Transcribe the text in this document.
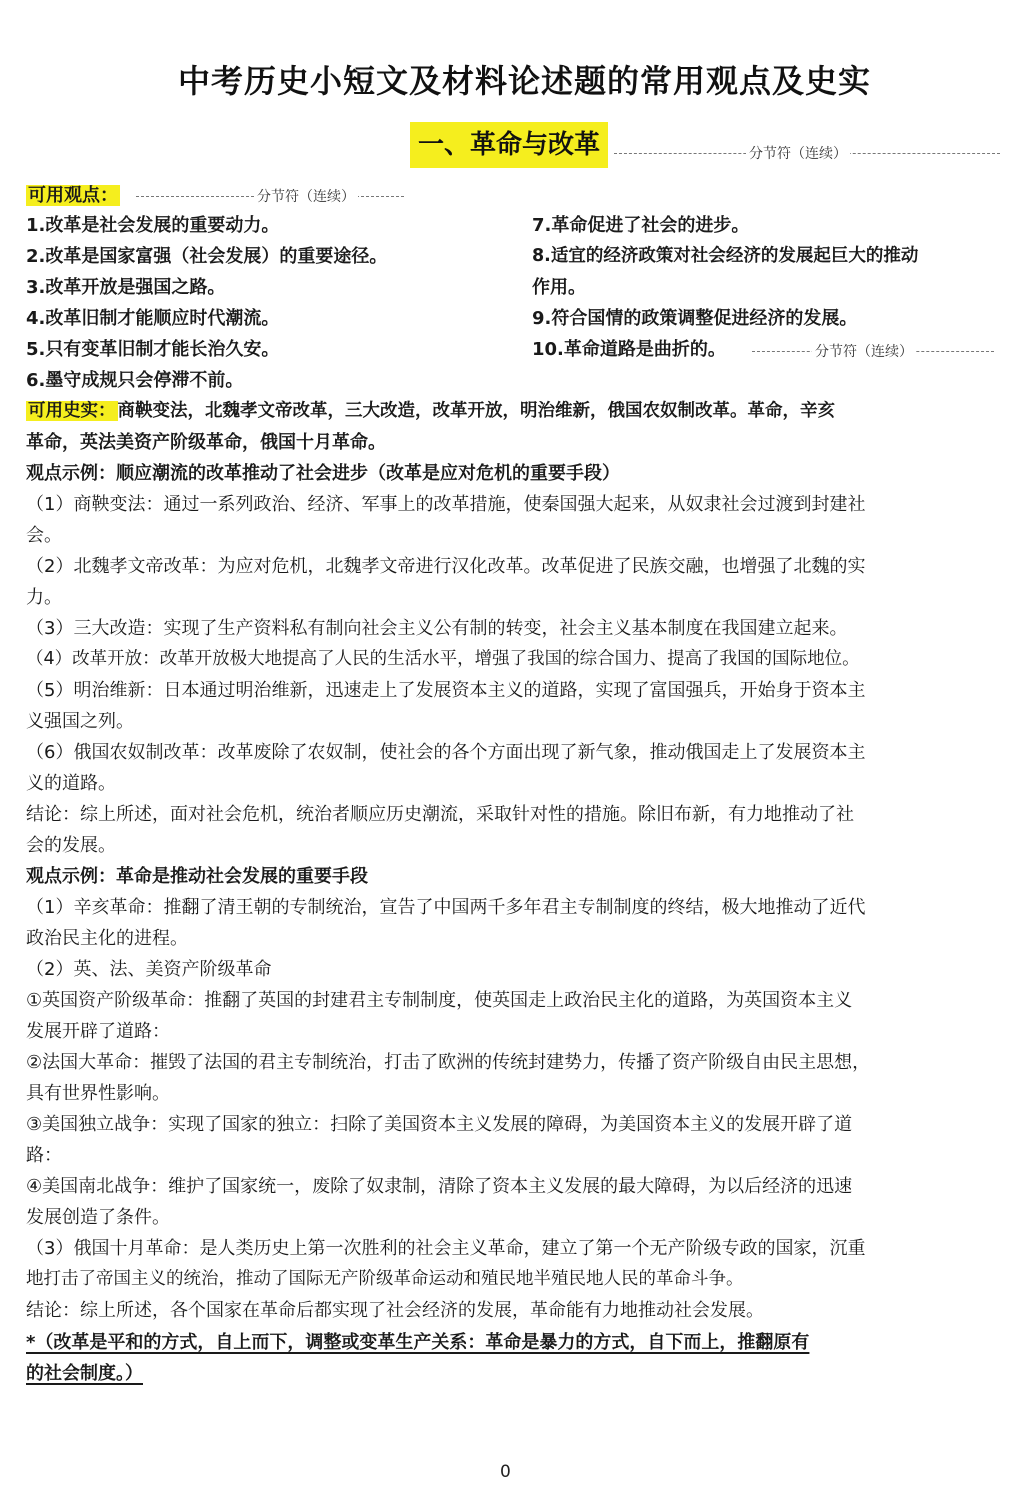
中考历史小短文及材料论述题的常用观点及史实
一、革命与改革	分节符（连续）
可用观点：	分节符（连续）
1.改革是社会发展的重要动力。
2.改革是国家富强（社会发展）的重要途径。
3.改革开放是强国之路。
4.改革旧制才能顺应时代潮流。
5.只有变革旧制才能长治久安。
6.墨守成规只会停滞不前。
7.革命促进了社会的进步。
8.适宜的经济政策对社会经济的发展起巨大的推动
作用。
9.符合国情的政策调整促进经济的发展。
10.革命道路是曲折的。	分节符（连续）
可用史实： 商鞅变法，北魏孝文帝改革，三大改造，改革开放，明治维新，俄国农奴制改革。革命，辛亥
革命，英法美资产阶级革命，俄国十月革命。
观点示例：顺应潮流的改革推动了社会进步（改革是应对危机的重要手段）
（1）商鞅变法：通过一系列政治、经济、军事上的改革措施，使秦国强大起来，从奴隶社会过渡到封建社
会。
（2）北魏孝文帝改革：为应对危机，北魏孝文帝进行汉化改革。改革促进了民族交融，也增强了北魏的实
力。
（3）三大改造：实现了生产资料私有制向社会主义公有制的转变，社会主义基本制度在我国建立起来。
（4）改革开放：改革开放极大地提高了人民的生活水平，增强了我国的综合国力、提高了我国的国际地位。
（5）明治维新：日本通过明治维新，迅速走上了发展资本主义的道路，实现了富国强兵，开始身于资本主
义强国之列。
（6）俄国农奴制改革：改革废除了农奴制，使社会的各个方面出现了新气象，推动俄国走上了发展资本主
义的道路。
结论：综上所述，面对社会危机，统治者顺应历史潮流，采取针对性的措施。除旧布新，有力地推动了社
会的发展。
观点示例：革命是推动社会发展的重要手段
（1）辛亥革命：推翻了清王朝的专制统治，宣告了中国两千多年君主专制制度的终结，极大地推动了近代
政治民主化的进程。
（2）英、法、美资产阶级革命
①英国资产阶级革命：推翻了英国的封建君主专制制度，使英国走上政治民主化的道路，为英国资本主义
发展开辟了道路：
②法国大革命：摧毁了法国的君主专制统治，打击了欧洲的传统封建势力，传播了资产阶级自由民主思想，
具有世界性影响。
③美国独立战争：实现了国家的独立：扫除了美国资本主义发展的障碍，为美国资本主义的发展开辟了道
路：
④美国南北战争：维护了国家统一，废除了奴隶制，清除了资本主义发展的最大障碍，为以后经济的迅速
发展创造了条件。
（3）俄国十月革命：是人类历史上第一次胜利的社会主义革命，建立了第一个无产阶级专政的国家，沉重
地打击了帝国主义的统治，推动了国际无产阶级革命运动和殖民地半殖民地人民的革命斗争。
结论：综上所述，各个国家在革命后都实现了社会经济的发展，革命能有力地推动社会发展。
*（改革是平和的方式，自上而下，调整或变革生产关系：革命是暴力的方式，自下而上，推翻原有
的社会制度。）
0
